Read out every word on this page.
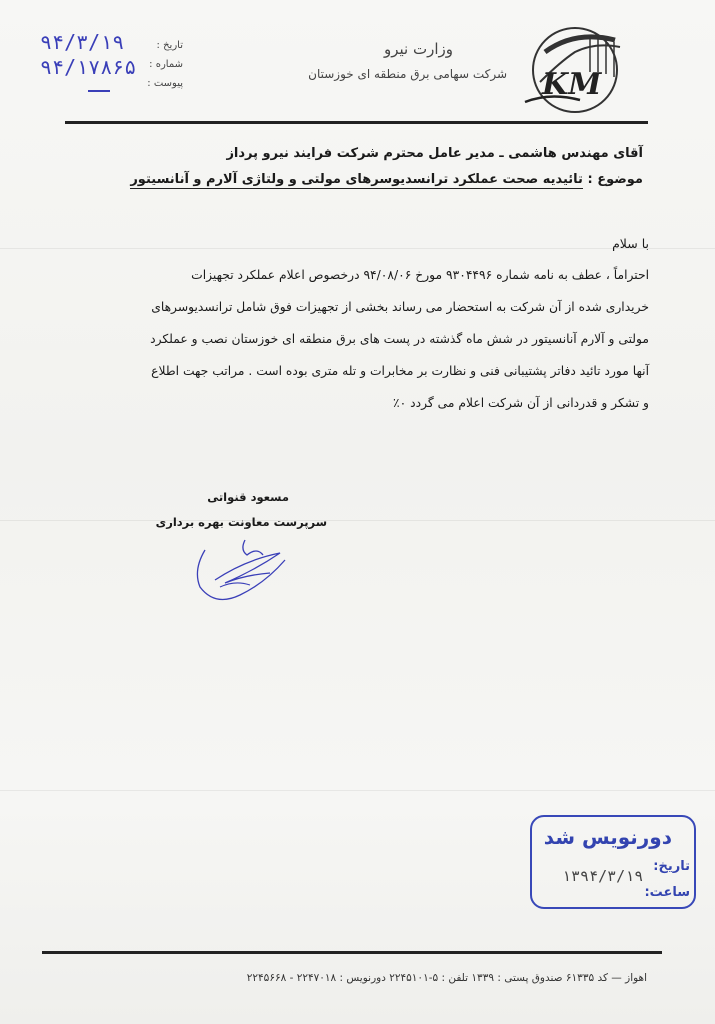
KM
وزارت نیرو
شرکت سهامی برق منطقه ای خوزستان
تاریخ :
شماره :
پیوست :
۹۴/۳/۱۹
۹۴/۱۷۸۶۵
آقای مهندس هاشمی ـ مدیر عامل محترم شرکت فرایند نیرو پرداز
موضوع : تائیدیه صحت عملکرد ترانسدیوسرهای مولتی و ولتاژی آلارم و آنانسیتور
با سلام
احتراماً ، عطف به نامه شماره ۹۳۰۴۴۹۶ مورخ ۹۴/۰۸/۰۶ درخصوص اعلام عملکرد تجهیزات
خریداری شده از آن شرکت به استحضار می رساند بخشی از تجهیزات فوق شامل ترانسدیوسرهای
مولتی و آلارم آنانسیتور در شش ماه گذشته در پست های برق منطقه ای خوزستان نصب و عملکرد
آنها مورد تائید دفاتر پشتیبانی فنی و نظارت بر مخابرات و تله متری بوده است . مراتب جهت اطلاع
و تشکر و قدردانی از آن شرکت اعلام می گردد ٠٪
مسعود قنواتی
سرپرست معاونت بهره برداری
دورنویس شد
تاریخ:
ساعت:
۱۳۹۴/۳/۱۹
اهواز — کد ۶۱۳۳۵ صندوق پستی : ۱۳۳۹ تلفن : ۵-۲۲۴۵۱۰۱ دورنویس : ۲۲۴۷۰۱۸ - ۲۲۴۵۶۶۸
